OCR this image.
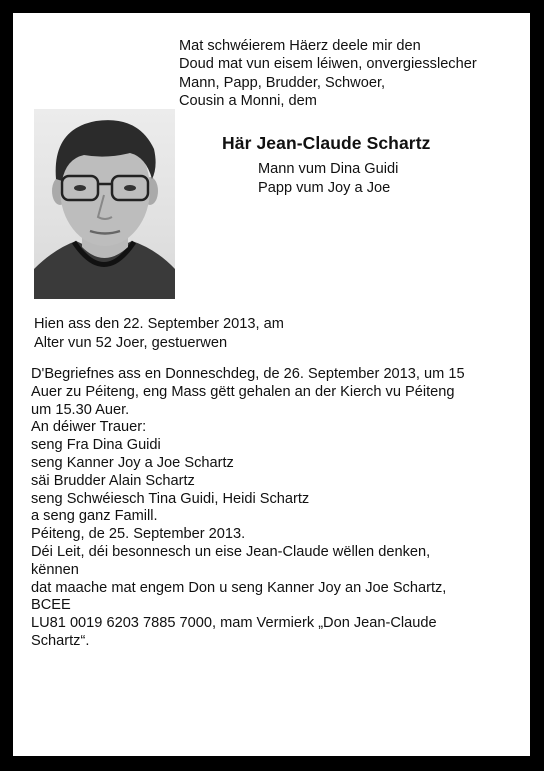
Mat schwéierem Häerz deele mir den
Doud mat vun eisem léiwen, onvergiesslecher
Mann, Papp, Brudder, Schwoer,
Cousin a Monni, dem
Här Jean-Claude Schartz
Mann vum Dina Guidi
Papp vum Joy a Joe
Hien ass den 22. September 2013, am
Alter vun 52 Joer, gestuerwen
D'Begriefnes ass en Donneschdeg, de 26. September 2013, um 15
Auer zu Péiteng, eng Mass gëtt gehalen an der Kierch vu Péiteng
um 15.30 Auer.
An déiwer Trauer:
seng Fra Dina Guidi
seng Kanner Joy a Joe Schartz
säi Brudder Alain Schartz
seng Schwéiesch Tina Guidi, Heidi Schartz
a seng ganz Famill.
Péiteng, de 25. September 2013.
Déi Leit, déi besonnesch un eise Jean-Claude wëllen denken,
kënnen
dat maache mat engem Don u seng Kanner Joy an Joe Schartz,
BCEE
LU81 0019 6203 7885 7000, mam Vermierk „Don Jean-Claude
Schartz“.
